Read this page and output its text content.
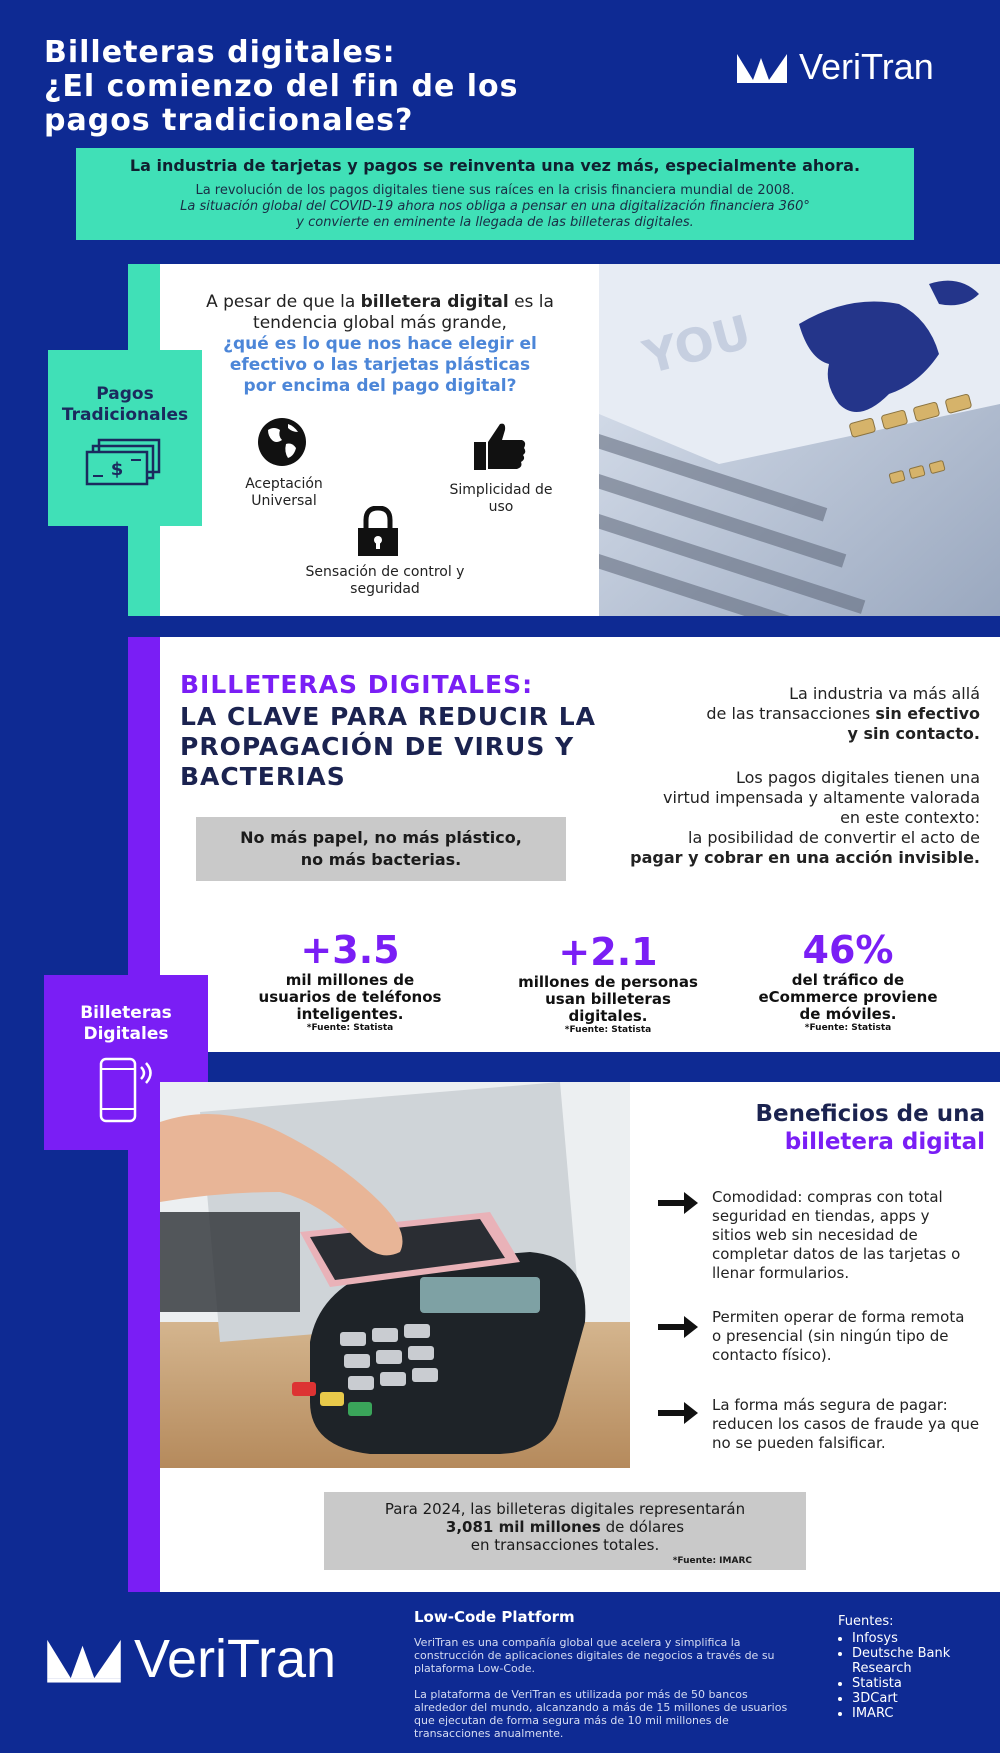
Billeteras digitales:
¿El comienzo del fin de los
pagos tradicionales?
VeriTran
La industria de tarjetas y pagos se reinventa una vez más, especialmente ahora.

La revolución de los pagos digitales tiene sus raíces en la crisis financiera mundial de 2008.

La situación global del COVID-19 ahora nos obliga a pensar en una digitalización financiera 360°

y convierte en eminente la llegada de las billeteras digitales.

Pagos
Tradicionales
$
A pesar de que la billetera digital es la tendencia global más grande,
¿qué es lo que nos hace elegir el efectivo o las tarjetas plásticas por encima del pago digital?
Aceptación Universal
Simplicidad de uso
Sensación de control y seguridad
YOU
BILLETERAS DIGITALES:
LA CLAVE PARA REDUCIR LA PROPAGACIÓN DE VIRUS Y BACTERIAS
No más papel, no más plástico,
no más bacterias.
La industria va más allá
de las transacciones sin efectivo
y sin contacto.
Los pagos digitales tienen una
virtud impensada y altamente valorada
en este contexto:
la posibilidad de convertir el acto de
pagar y cobrar en una acción invisible.
+3.5
mil millones de usuarios de teléfonos inteligentes.
*Fuente: Statista
+2.1
millones de personas usan billeteras digitales.
*Fuente: Statista
46%
del tráfico de eCommerce proviene de móviles.
*Fuente: Statista
Billeteras
Digitales
Beneficios de una
billetera digital
Comodidad: compras con total seguridad en tiendas, apps y sitios web sin necesidad de completar datos de las tarjetas o llenar formularios.
Permiten operar de forma remota o presencial (sin ningún tipo de contacto físico).
La forma más segura de pagar: reducen los casos de fraude ya que no se pueden falsificar.
Para 2024, las billeteras digitales representarán
3,081 mil millones de dólares
en transacciones totales.
*Fuente: IMARC
VeriTran
Low-Code Platform
VeriTran es una compañía global que acelera y simplifica la construcción de aplicaciones digitales de negocios a través de su plataforma Low-Code.
La plataforma de VeriTran es utilizada por más de 50 bancos alrededor del mundo, alcanzando a más de 15 millones de usuarios que ejecutan de forma segura más de 10 mil millones de transacciones anualmente.
Fuentes:
• Infosys
• Deutsche Bank Research
• Statista
• 3DCart
• IMARC
